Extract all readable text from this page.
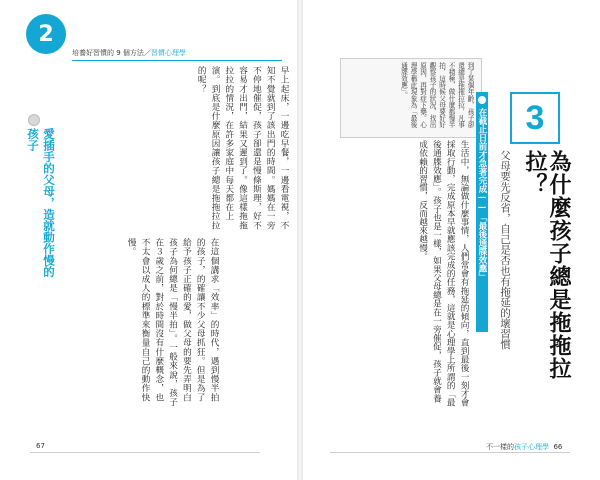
2
培養好習慣的 9 個方法／習慣心理學
早上起床，一邊吃早餐，一邊看電視，不知不覺就到了該出門的時間。媽媽在一旁不停地催促，孩子卻還是慢條斯理，好不容易才出門，結果又遲到了。像這樣拖拖拉拉的情況，在許多家庭中每天都在上演。到底是什麼原因讓孩子總是拖拖拉拉的呢？
愛插手的父母，造就動作慢的孩子
在這個講求「效率」的時代，遇到慢半拍的孩子，的確讓不少父母抓狂。但是為了給予孩子正確的愛，做父母的要先弄明白孩子為何總是「慢半拍」。一般來說，孩子在３歲之前，對於時間沒有什麼概念，也不太會以成人的標準來衡量自己的動作快慢。
67
3
為什麼孩子總是拖拖拉拉？
父母要先反省，自己是否也有拖延的壞習慣
到了某個年齡，孩子卻還總是拖拖拉拉，凡事不積極，做什麼都慢半拍，這時候父母要好好觀察孩子的狀況，找出原因，再對症下藥。心理學稱此現象為「最後通牒效應」。
在截止日前才急著完成——「最後通牒效應」
生活中，無論做什麼事情，人們常會有拖延的傾向，直到最後一刻才會採取行動，完成原本早就應該完成的任務，這就是心理學上所謂的「最後通牒效應」。孩子也是一樣，如果父母總是在一旁催促，孩子就會養成依賴的習慣，反而越來越慢。
不一樣的孩子心理學 66
